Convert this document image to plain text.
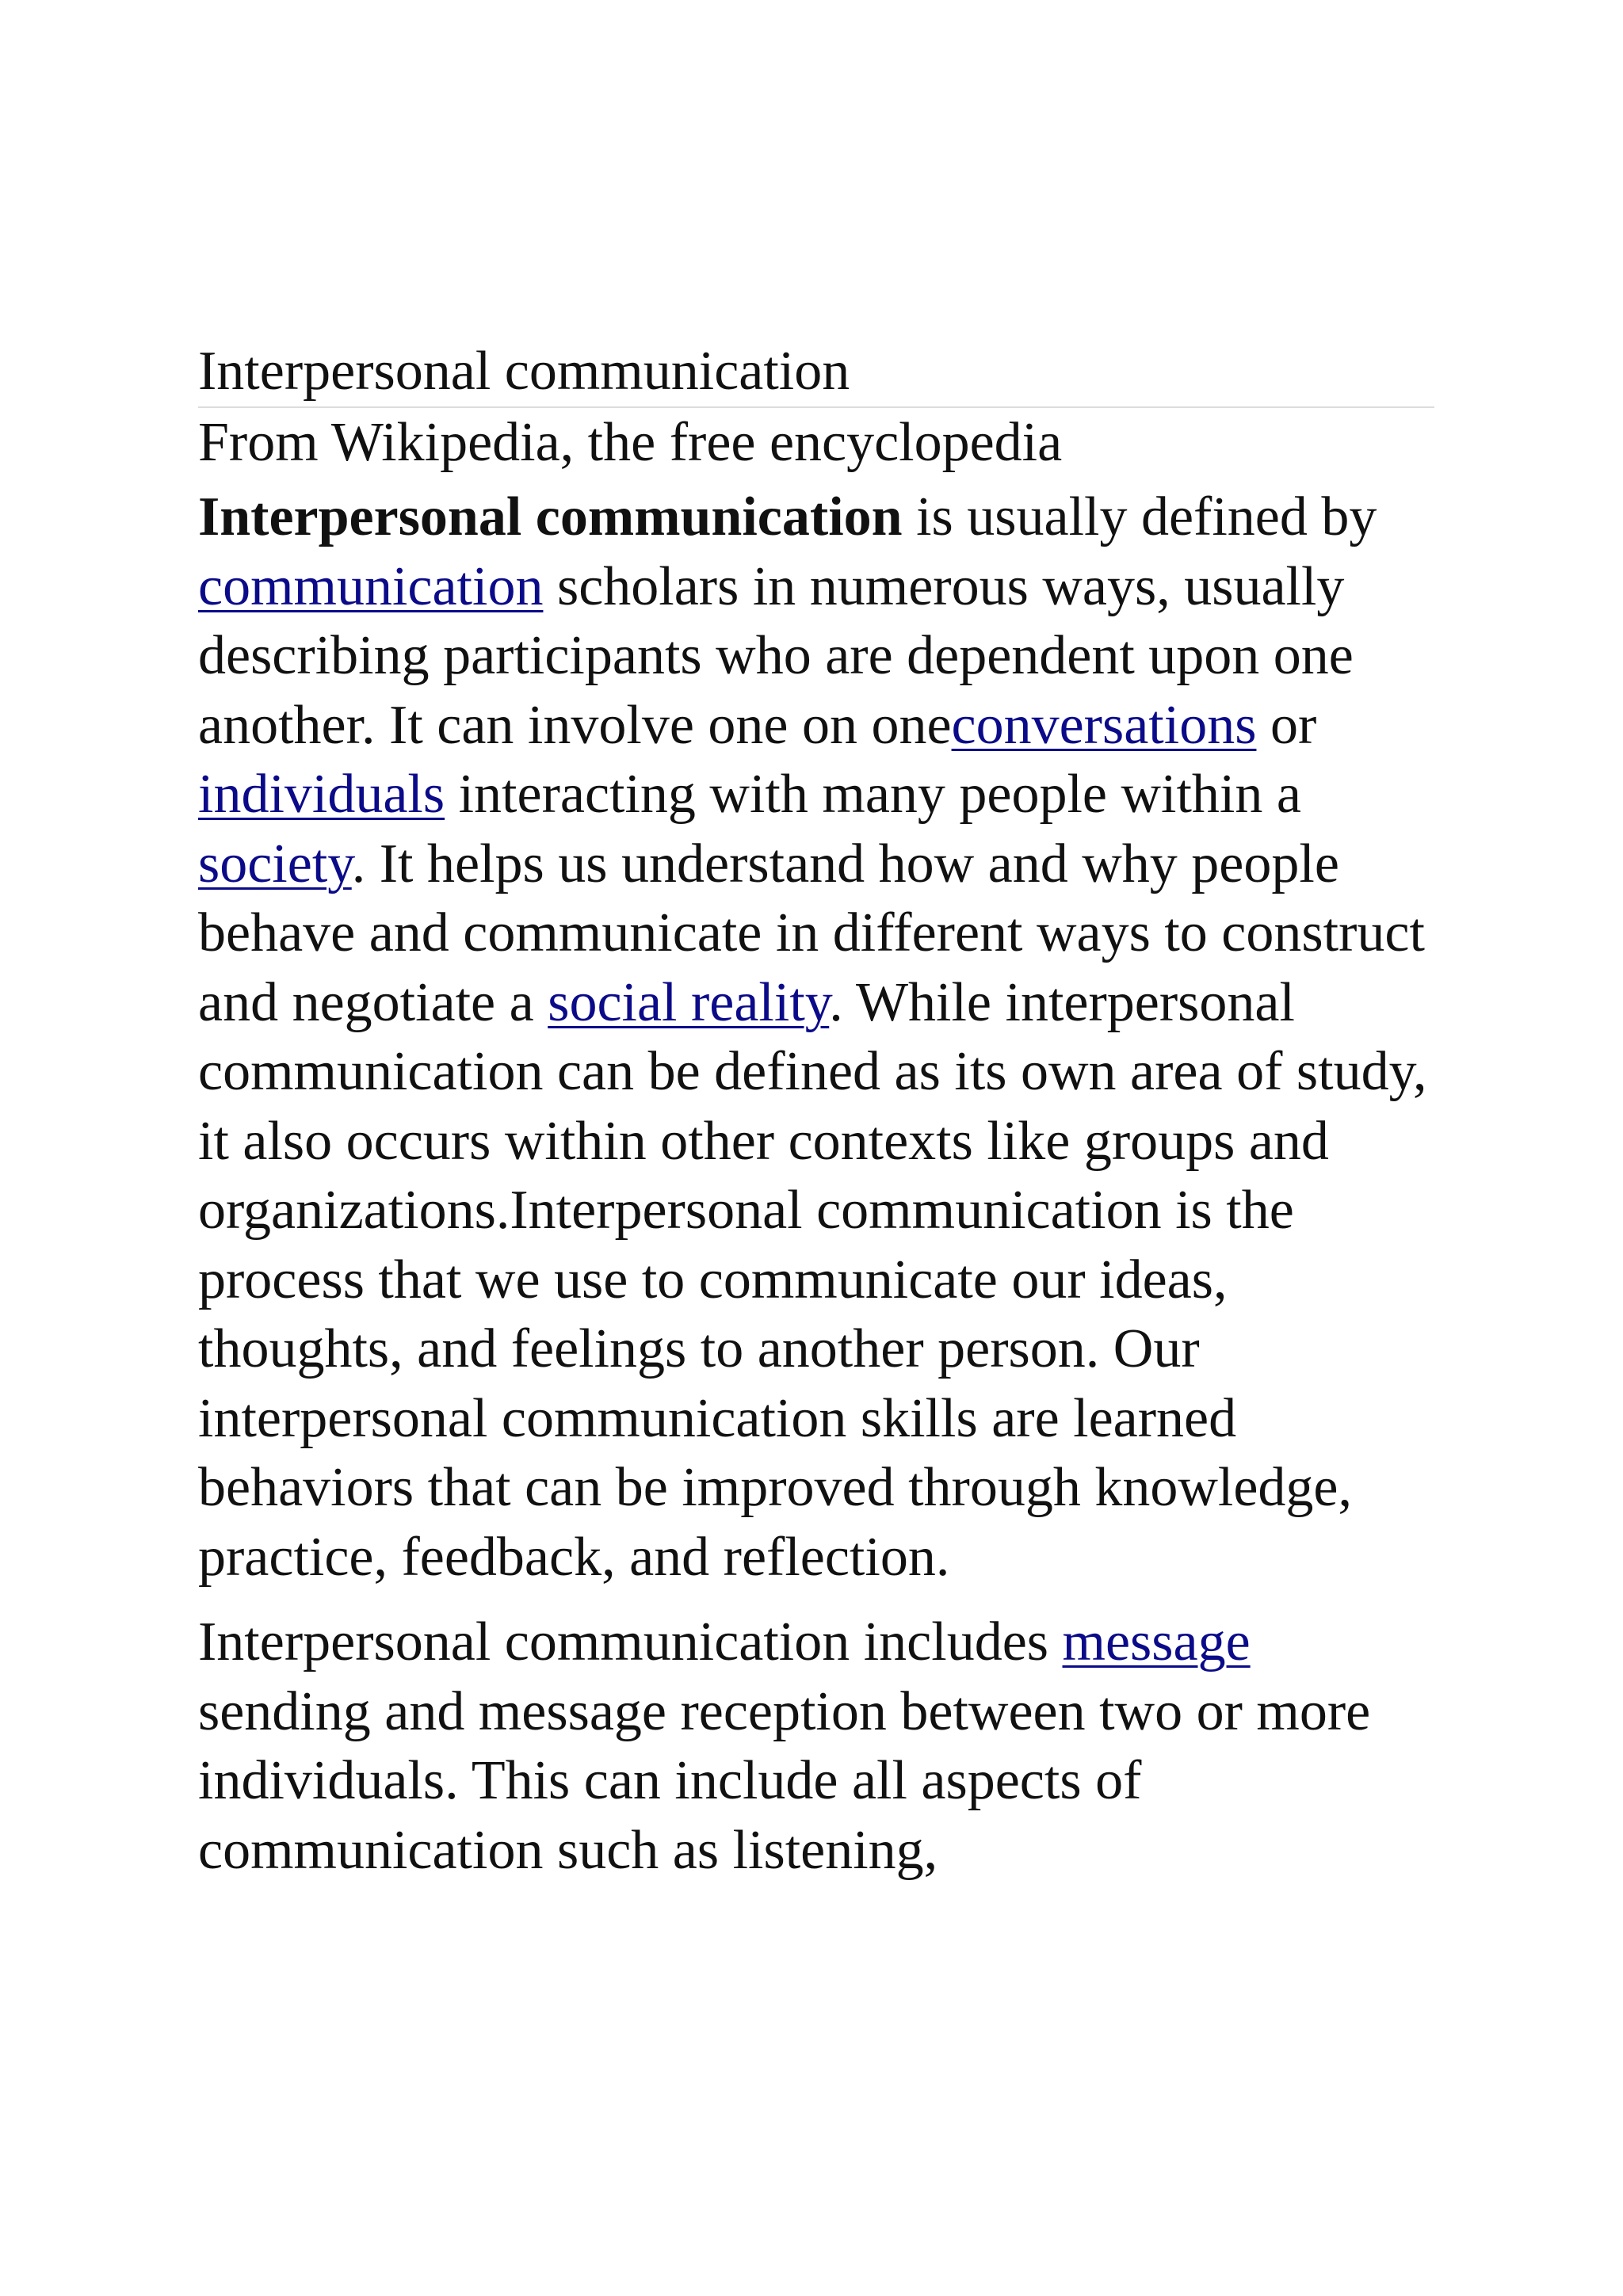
Interpersonal communication
From Wikipedia, the free encyclopedia

Interpersonal communication is usually defined by communication scholars in numerous ways, usually describing participants who are dependent upon one another. It can involve one on oneconversations or individuals interacting with many people within a society. It helps us understand how and why people behave and communicate in different ways to construct and negotiate a social reality. While interpersonal communication can be defined as its own area of study, it also occurs within other contexts like groups and organizations.Interpersonal communication is the process that we use to communicate our ideas, thoughts, and feelings to another person. Our interpersonal communication skills are learned behaviors that can be improved through knowledge, practice, feedback, and reflection.

Interpersonal communication includes message sending and message reception between two or more individuals. This can include all aspects of communication such as listening,
